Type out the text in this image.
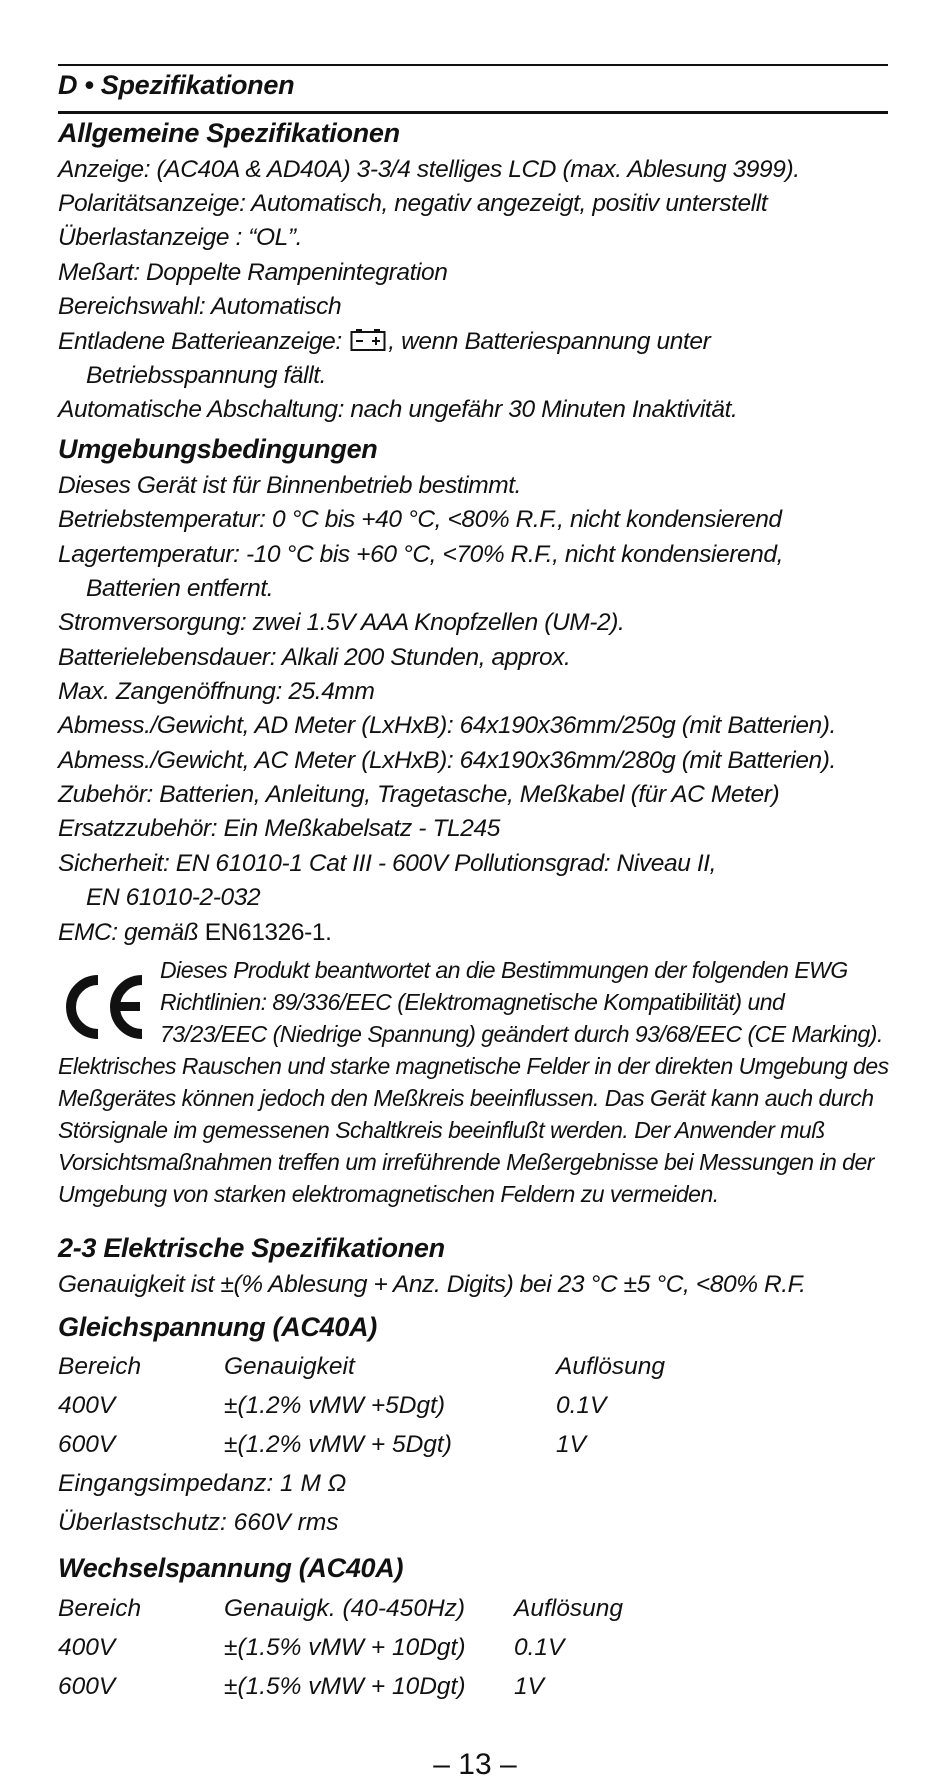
D • Spezifikationen
Allgemeine Spezifikationen
Anzeige: (AC40A & AD40A) 3-3/4 stelliges LCD (max. Ablesung 3999).
Polaritätsanzeige: Automatisch, negativ angezeigt, positiv unterstellt
Überlastanzeige : “OL”.
Meßart: Doppelte Rampenintegration
Bereichswahl: Automatisch
Entladene Batterieanzeige: , wenn Batteriespannung unter
Betriebsspannung fällt.
Automatische Abschaltung: nach ungefähr 30 Minuten Inaktivität.
Umgebungsbedingungen
Dieses Gerät ist für Binnenbetrieb bestimmt.
Betriebstemperatur: 0 °C bis +40 °C, <80% R.F., nicht kondensierend
Lagertemperatur: -10 °C bis +60 °C, <70% R.F., nicht kondensierend,
Batterien entfernt.
Stromversorgung: zwei 1.5V AAA Knopfzellen (UM-2).
Batterielebensdauer: Alkali 200 Stunden, approx.
Max. Zangenöffnung: 25.4mm
Abmess./Gewicht, AD Meter (LxHxB): 64x190x36mm/250g (mit Batterien).
Abmess./Gewicht, AC Meter (LxHxB): 64x190x36mm/280g (mit Batterien).
Zubehör: Batterien, Anleitung, Tragetasche, Meßkabel (für AC Meter)
Ersatzzubehör: Ein Meßkabelsatz - TL245
Sicherheit: EN 61010-1 Cat III - 600V Pollutionsgrad: Niveau II,
EN 61010-2-032
EMC: gemäß EN61326-1.
Dieses Produkt beantwortet an die Bestimmungen der folgenden EWG
Richtlinien: 89/336/EEC (Elektromagnetische Kompatibilität) und
73/23/EEC (Niedrige Spannung) geändert durch 93/68/EEC (CE Marking).
Elektrisches Rauschen und starke magnetische Felder in der direkten Umgebung des
Meßgerätes können jedoch den Meßkreis beeinflussen. Das Gerät kann auch durch
Störsignale im gemessenen Schaltkreis beeinflußt werden. Der Anwender muß
Vorsichtsmaßnahmen treffen um irreführende Meßergebnisse bei Messungen in der
Umgebung von starken elektromagnetischen Feldern zu vermeiden.
2-3 Elektrische Spezifikationen
Genauigkeit ist ±(% Ablesung + Anz. Digits) bei 23 °C ±5 °C, <80% R.F.
Gleichspannung (AC40A)
Bereich	Genauigkeit	Auflösung
400V	±(1.2% vMW +5Dgt)	0.1V
600V	±(1.2% vMW + 5Dgt)	1V
Eingangsimpedanz: 1 M Ω
Überlastschutz: 660V rms
Wechselspannung (AC40A)
Bereich	Genauigk. (40-450Hz) Auflösung
400V	±(1.5% vMW + 10Dgt) 0.1V
600V	±(1.5% vMW + 10Dgt) 1V
– 13 –
